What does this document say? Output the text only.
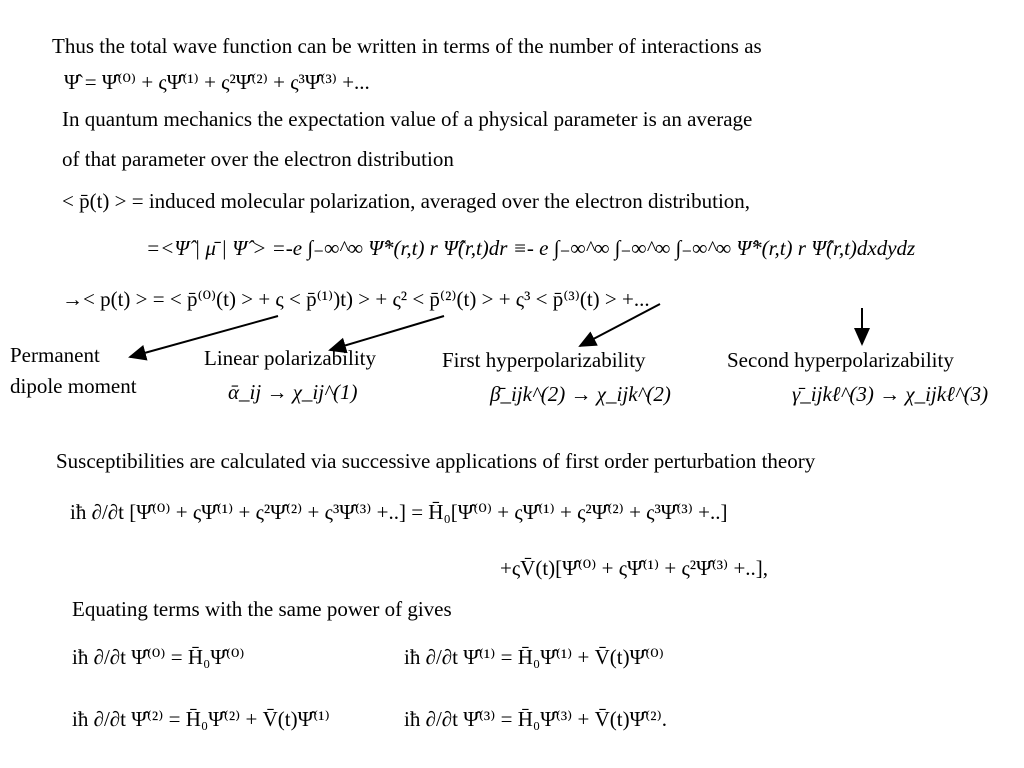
Thus the total wave function can be written in terms of the number of interactions as
Ψ̂ = Ψ̂⁽⁰⁾ + ςΨ̂⁽¹⁾ + ς²Ψ̂⁽²⁾ + ς³Ψ̂⁽³⁾ +...
In quantum mechanics the expectation value of a physical parameter is an average
of that parameter over the electron distribution
< p̄(t) > = induced molecular polarization, averaged over the electron distribution,
=<Ψ̂ | μ̄ | Ψ̂ > =-e ∫₋∞^∞ Ψ̂*(r,t) r Ψ̂(r,t)dr ≡- e ∫₋∞^∞ ∫₋∞^∞ ∫₋∞^∞ Ψ̂*(r,t) r Ψ̂(r,t)dxdydz
→< p(t) > = < p̄⁽⁰⁾(t) > + ς < p̄⁽¹⁾)t) > + ς² < p̄⁽²⁾(t) > + ς³ < p̄⁽³⁾(t) > +...
Permanent
dipole moment
Linear polarizability
ᾱ_ij → χ_ij^(1)
First hyperpolarizability
β̄_ijk^(2) → χ_ijk^(2)
Second hyperpolarizability
γ̄_ijkℓ^(3) → χ_ijkℓ^(3)
Susceptibilities are calculated via successive applications of first order perturbation theory
iħ ∂/∂t [Ψ̂⁽⁰⁾ + ςΨ̂⁽¹⁾ + ς²Ψ̂⁽²⁾ + ς³Ψ̂⁽³⁾ +..] = H̄₀[Ψ̂⁽⁰⁾ + ςΨ̂⁽¹⁾ + ς²Ψ̂⁽²⁾ + ς³Ψ̂⁽³⁾ +..]
+ςV̄(t)[Ψ̂⁽⁰⁾ + ςΨ̂⁽¹⁾ + ς²Ψ̂⁽³⁾ +..],
Equating terms with the same power of gives
iħ ∂/∂t Ψ̂⁽⁰⁾ = H̄₀Ψ̂⁽⁰⁾	iħ ∂/∂t Ψ̂⁽¹⁾ = H̄₀Ψ̂⁽¹⁾ + V̄(t)Ψ̂⁽⁰⁾
iħ ∂/∂t Ψ̂⁽²⁾ = H̄₀Ψ̂⁽²⁾ + V̄(t)Ψ̂⁽¹⁾	iħ ∂/∂t Ψ̂⁽³⁾ = H̄₀Ψ̂⁽³⁾ + V̄(t)Ψ̂⁽²⁾.
